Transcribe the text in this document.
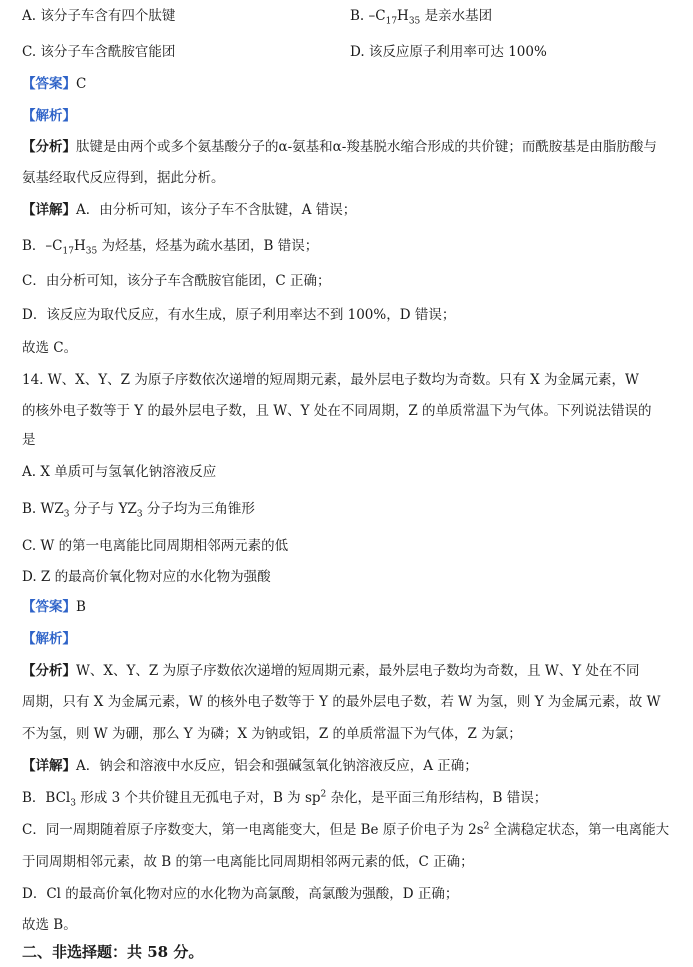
A. 该分子车含有四个肽键	B. $-C_{17}H_{35}$ 是亲水基团
C. 该分子车含酰胺官能团	D. 该反应原子利用率可达 100%
【答案】C
【解析】
【分析】肽键是由两个或多个氨基酸分子的α-氨基和α-羧基脱水缩合形成的共价键；而酰胺基是由脂肪酸与
氨基经取代反应得到，据此分析。
【详解】A．由分析可知，该分子车不含肽键，A 错误；
B．$-C_{17}H_{35}$ 为烃基，烃基为疏水基团，B 错误；
C．由分析可知，该分子车含酰胺官能团，C 正确；
D．该反应为取代反应，有水生成，原子利用率达不到 100%，D 错误；
故选 C。
14. W、X、Y、Z 为原子序数依次递增的短周期元素，最外层电子数均为奇数。只有 X 为金属元素，W
的核外电子数等于 Y 的最外层电子数，且 W、Y 处在不同周期，Z 的单质常温下为气体。下列说法错误的
是
A. X 单质可与氢氧化钠溶液反应
B. $WZ_3$ 分子与 $YZ_3$ 分子均为三角锥形
C. W 的第一电离能比同周期相邻两元素的低
D. Z 的最高价氧化物对应的水化物为强酸
【答案】B
【解析】
【分析】W、X、Y、Z 为原子序数依次递增的短周期元素，最外层电子数均为奇数，且 W、Y 处在不同
周期，只有 X 为金属元素，W 的核外电子数等于 Y 的最外层电子数，若 W 为氢，则 Y 为金属元素，故 W
不为氢，则 W 为硼，那么 Y 为磷；X 为钠或铝，Z 的单质常温下为气体，Z 为氯；
【详解】A．钠会和溶液中水反应，铝会和强碱氢氧化钠溶液反应，A 正确；
B．BCl$_3$ 形成 3 个共价键且无孤电子对，B 为 $sp^2$ 杂化，是平面三角形结构，B 错误；
C．同一周期随着原子序数变大，第一电离能变大，但是 Be 原子价电子为 $2s^2$ 全满稳定状态，第一电离能大
于同周期相邻元素，故 B 的第一电离能比同周期相邻两元素的低，C 正确；
D．Cl 的最高价氧化物对应的水化物为高氯酸，高氯酸为强酸，D 正确；
故选 B。
二、非选择题：共 58 分。
